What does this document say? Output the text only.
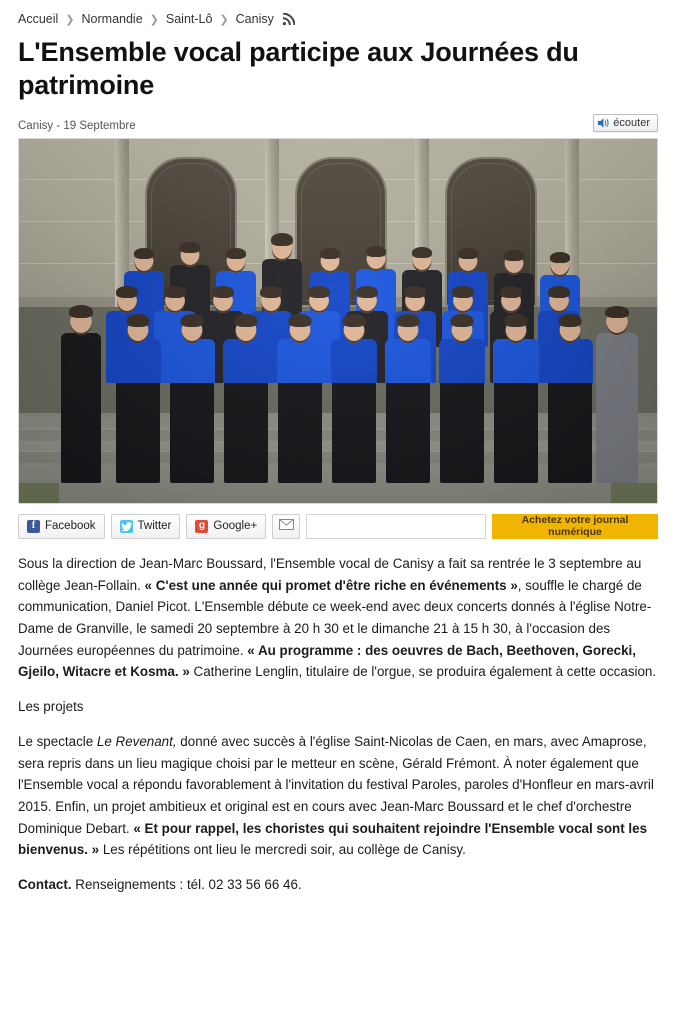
Accueil ❯ Normandie ❯ Saint-Lô ❯ Canisy
L'Ensemble vocal participe aux Journées du patrimoine
Canisy - 19 Septembre	écouter
f Facebook	Twitter	g Google+
Achetez votre journal numérique

Sous la direction de Jean-Marc Boussard, l'Ensemble vocal de Canisy a fait sa rentrée le 3 septembre au collège Jean-Follain. « C'est une année qui promet d'être riche en événements », souffle le chargé de communication, Daniel Picot. L'Ensemble débute ce week-end avec deux concerts donnés à l'église Notre-Dame de Granville, le samedi 20 septembre à 20 h 30 et le dimanche 21 à 15 h 30, à l'occasion des Journées européennes du patrimoine. « Au programme : des oeuvres de Bach, Beethoven, Gorecki, Gjeilo, Witacre et Kosma. » Catherine Lenglin, titulaire de l'orgue, se produira également à cette occasion.

Les projets

Le spectacle Le Revenant, donné avec succès à l'église Saint-Nicolas de Caen, en mars, avec Amaprose, sera repris dans un lieu magique choisi par le metteur en scène, Gérald Frémont. À noter également que l'Ensemble vocal a répondu favorablement à l'invitation du festival Paroles, paroles d'Honfleur en mars-avril 2015. Enfin, un projet ambitieux et original est en cours avec Jean-Marc Boussard et le chef d'orchestre Dominique Debart. « Et pour rappel, les choristes qui souhaitent rejoindre l'Ensemble vocal sont les bienvenus. » Les répétitions ont lieu le mercredi soir, au collège de Canisy.

Contact. Renseignements : tél. 02 33 56 66 46.
